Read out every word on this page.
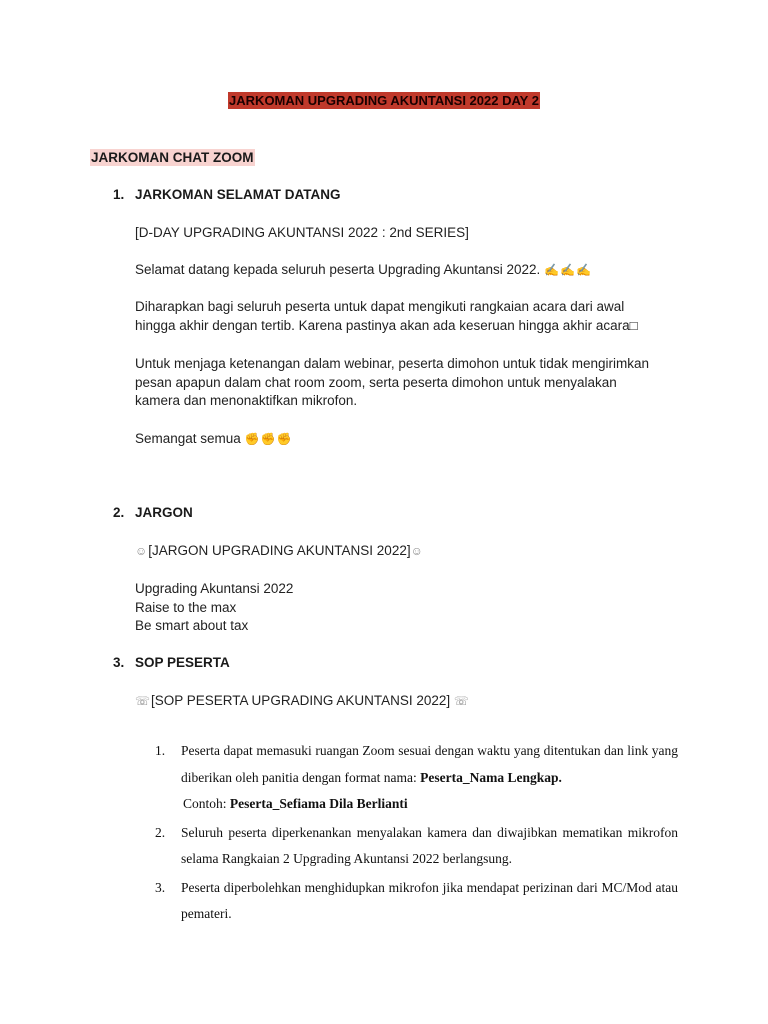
JARKOMAN UPGRADING AKUNTANSI 2022 DAY 2
JARKOMAN CHAT ZOOM
1. JARKOMAN SELAMAT DATANG
[D-DAY UPGRADING AKUNTANSI 2022 : 2nd SERIES]
Selamat datang kepada seluruh peserta Upgrading Akuntansi 2022. ✍✍✍
Diharapkan bagi seluruh peserta untuk dapat mengikuti rangkaian acara dari awal
hingga akhir dengan tertib. Karena pastinya akan ada keseruan hingga akhir acara□
Untuk menjaga ketenangan dalam webinar, peserta dimohon untuk tidak mengirimkan
pesan apapun dalam chat room zoom, serta peserta dimohon untuk menyalakan
kamera dan menonaktifkan mikrofon.
Semangat semua ✊✊✊
2. JARGON
☺[JARGON UPGRADING AKUNTANSI 2022]☺
Upgrading Akuntansi 2022
Raise to the max
Be smart about tax
3. SOP PESERTA
☏[SOP PESERTA UPGRADING AKUNTANSI 2022] ☏
1.	Peserta dapat memasuki ruangan Zoom sesuai dengan waktu yang ditentukan dan link yang diberikan oleh panitia dengan format nama: Peserta_Nama Lengkap.
Contoh: Peserta_Sefiama Dila Berlianti
2.	Seluruh peserta diperkenankan menyalakan kamera dan diwajibkan mematikan mikrofon selama Rangkaian 2 Upgrading Akuntansi 2022 berlangsung.
3.	Peserta diperbolehkan menghidupkan mikrofon jika mendapat perizinan dari MC/Mod atau pemateri.
